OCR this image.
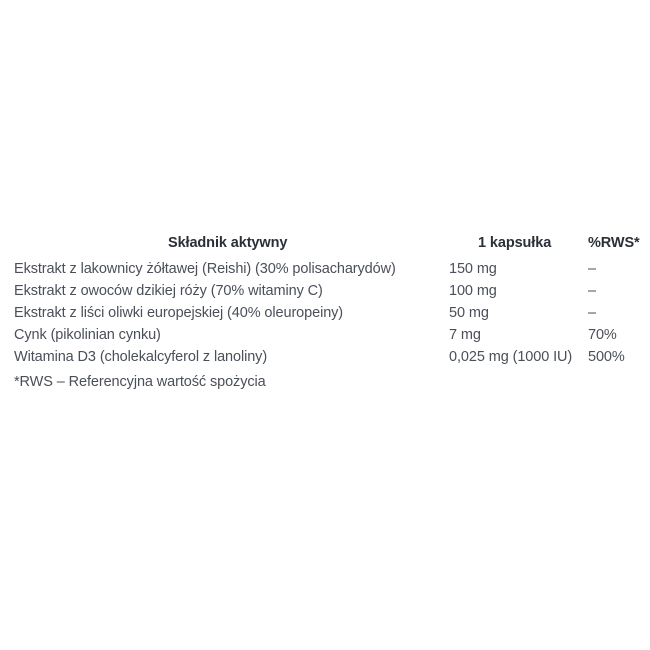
Składnik aktywny	1 kapsułka	%RWS*
Ekstrakt z lakownicy żółtawej (Reishi) (30% polisacharydów)	150 mg	–
Ekstrakt z owoców dzikiej róży (70% witaminy C)	100 mg	–
Ekstrakt z liści oliwki europejskiej (40% oleuropeiny)	50 mg	–
Cynk (pikolinian cynku)	7 mg	70%
Witamina D3 (cholekalcyferol z lanoliny)	0,025 mg (1000 IU)	500%
*RWS – Referencyjna wartość spożycia
